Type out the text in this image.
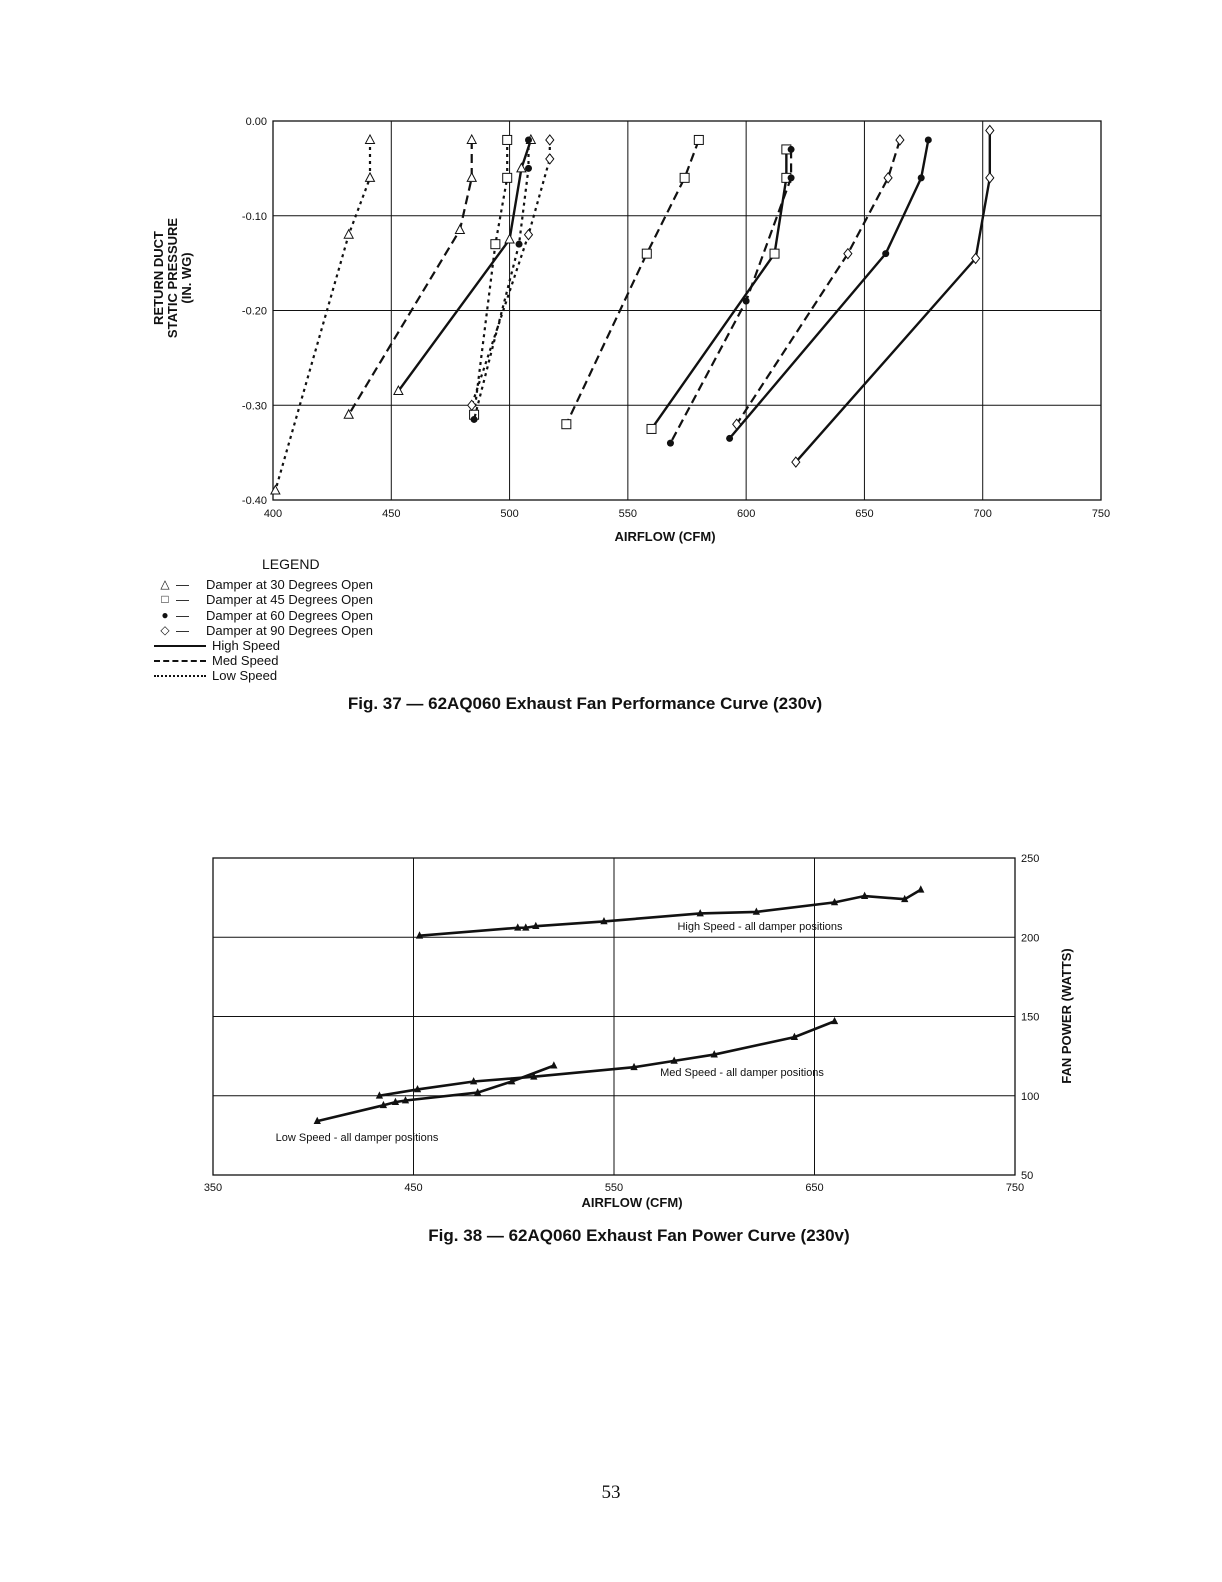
400	450	500	550	600	650	700	750
0.00
-0.10
-0.20
-0.30
-0.40
AIRFLOW (CFM)
RETURN DUCT STATIC PRESSURE (IN. WG)
LEGEND
△ —	Damper at 30 Degrees Open
□ —	Damper at 45 Degrees Open
● —	Damper at 60 Degrees Open
◇ —	Damper at 90 Degrees Open
High Speed
Med Speed
Low Speed
Fig. 37 — 62AQ060 Exhaust Fan Performance Curve (230v)
350	450	550	650	750
250
200
150
100
50
High Speed - all damper positions
Med Speed - all damper positions
Low Speed - all damper positions
AIRFLOW (CFM)
FAN POWER (WATTS)
Fig. 38 — 62AQ060 Exhaust Fan Power Curve (230v)
53
